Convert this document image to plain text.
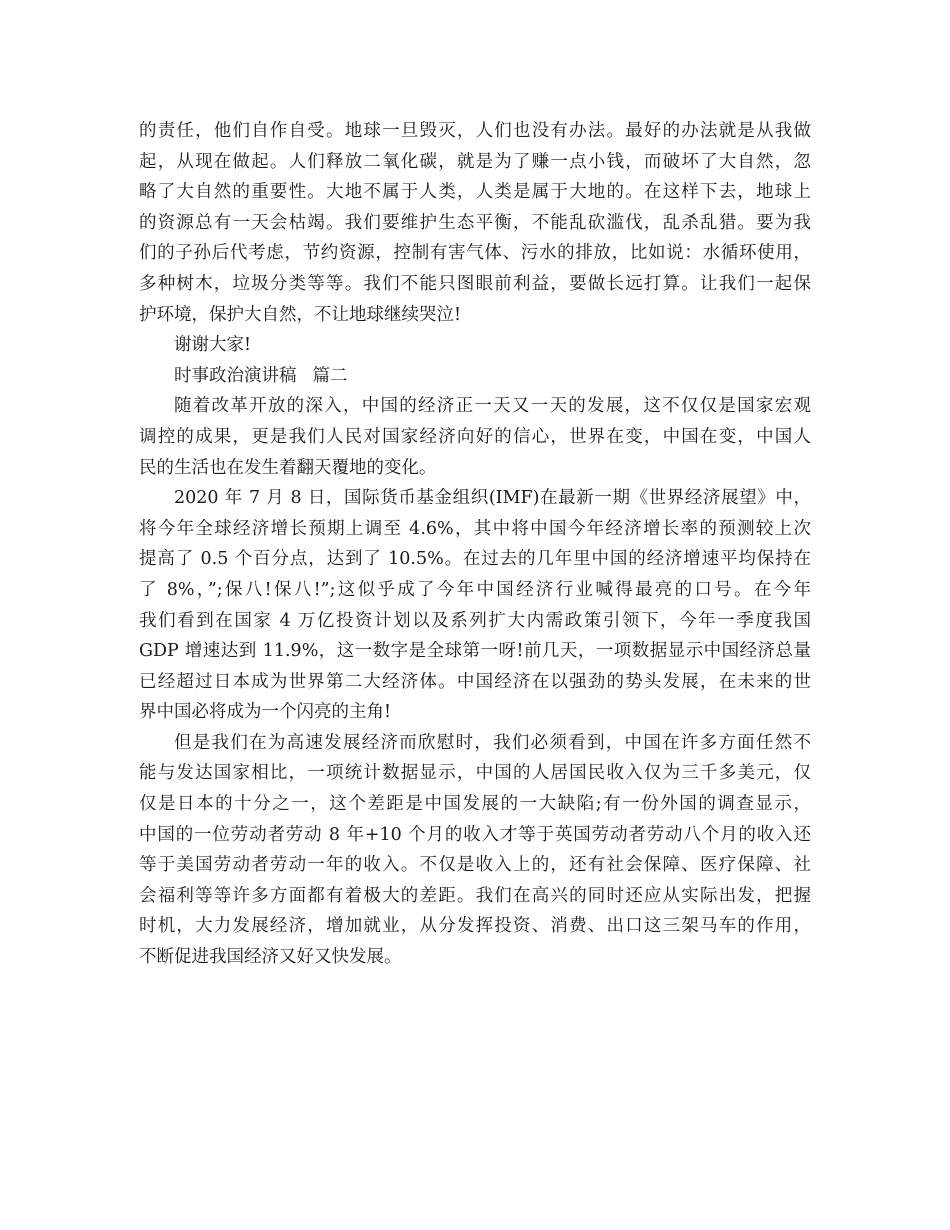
的责任，他们自作自受。地球一旦毁灭，人们也没有办法。最好的办法就是从我做
起，从现在做起。人们释放二氧化碳，就是为了赚一点小钱，而破坏了大自然，忽
略了大自然的重要性。大地不属于人类，人类是属于大地的。在这样下去，地球上
的资源总有一天会枯竭。我们要维护生态平衡，不能乱砍滥伐，乱杀乱猎。要为我
们的子孙后代考虑，节约资源，控制有害气体、污水的排放，比如说：水循环使用，
多种树木，垃圾分类等等。我们不能只图眼前利益，要做长远打算。让我们一起保
护环境，保护大自然，不让地球继续哭泣!
谢谢大家!
时事政治演讲稿 篇二
随着改革开放的深入，中国的经济正一天又一天的发展，这不仅仅是国家宏观
调控的成果，更是我们人民对国家经济向好的信心，世界在变，中国在变，中国人
民的生活也在发生着翻天覆地的变化。
2020 年 7 月 8 日，国际货币基金组织(IMF)在最新一期《世界经济展望》中，
将今年全球经济增长预期上调至 4.6%，其中将中国今年经济增长率的预测较上次
提高了 0.5 个百分点，达到了 10.5%。在过去的几年里中国的经济增速平均保持在
了 8%，”;保八!保八!”;这似乎成了今年中国经济行业喊得最亮的口号。在今年
我们看到在国家 4 万亿投资计划以及系列扩大内需政策引领下，今年一季度我国
GDP 增速达到 11.9%，这一数字是全球第一呀!前几天，一项数据显示中国经济总量
已经超过日本成为世界第二大经济体。中国经济在以强劲的势头发展，在未来的世
界中国必将成为一个闪亮的主角!
但是我们在为高速发展经济而欣慰时，我们必须看到，中国在许多方面任然不
能与发达国家相比，一项统计数据显示，中国的人居国民收入仅为三千多美元，仅
仅是日本的十分之一，这个差距是中国发展的一大缺陷;有一份外国的调查显示，
中国的一位劳动者劳动 8 年+10 个月的收入才等于英国劳动者劳动八个月的收入还
等于美国劳动者劳动一年的收入。不仅是收入上的，还有社会保障、医疗保障、社
会福利等等许多方面都有着极大的差距。我们在高兴的同时还应从实际出发，把握
时机，大力发展经济，增加就业，从分发挥投资、消费、出口这三架马车的作用，
不断促进我国经济又好又快发展。
